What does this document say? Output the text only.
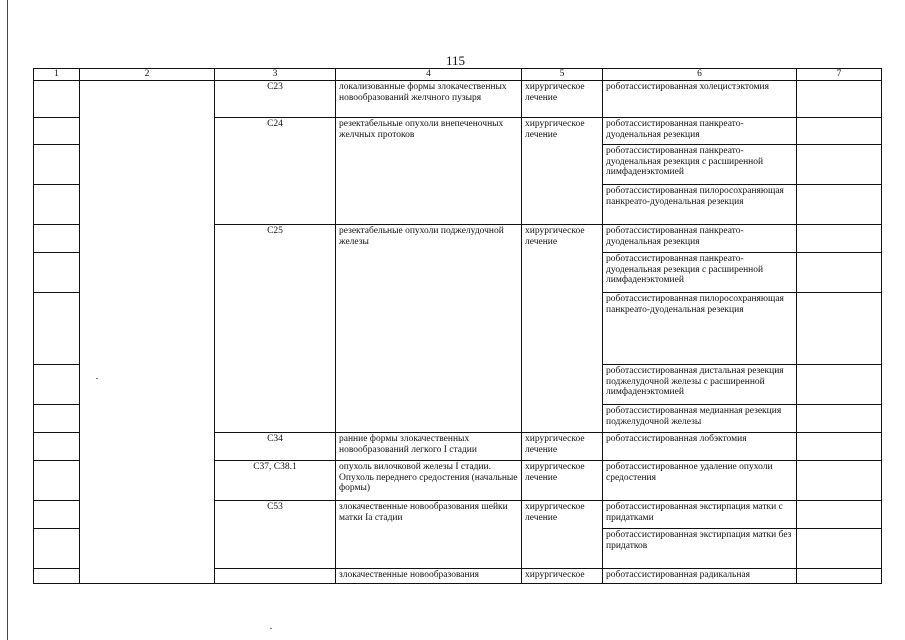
115
1	2	3	4	5	6	7
		С23	локализованные формы злокачественных новообразований желчного пузыря	хирургическое лечение	роботассистированная холецистэктомия	
		С24	резектабельные опухоли внепеченочных желчных протоков	хирургическое лечение	роботассистированная панкреато-дуоденальная резекция	
					роботассистированная панкреато-дуоденальная резекция с расширенной лимфаденэктомией	
					роботассистированная пилоросохраняющая панкреато-дуоденальная резекция	
		С25	резектабельные опухоли поджелудочной железы	хирургическое лечение	роботассистированная панкреато-дуоденальная резекция	
					роботассистированная панкреато-дуоденальная резекция с расширенной лимфаденэктомией	
					роботассистированная пилоросохраняющая панкреато-дуоденальная резекция	
					роботассистированная дистальная резекция поджелудочной железы с расширенной лимфаденэктомией	
					роботассистированная медианная резекция поджелудочной железы	
		С34	ранние формы злокачественных новообразований легкого I стадии	хирургическое лечение	роботассистированная лобэктомия	
		С37, С38.1	опухоль вилочковой железы I стадии. Опухоль переднего средостения (начальные формы)	хирургическое лечение	роботассистированное удаление опухоли средостения	
		С53	злокачественные новообразования шейки матки Ia стадии	хирургическое лечение	роботассистированная экстирпация матки с придатками	
					роботассистированная экстирпация матки без придатков	
			злокачественные новообразования	хирургическое	роботассистированная радикальная	
